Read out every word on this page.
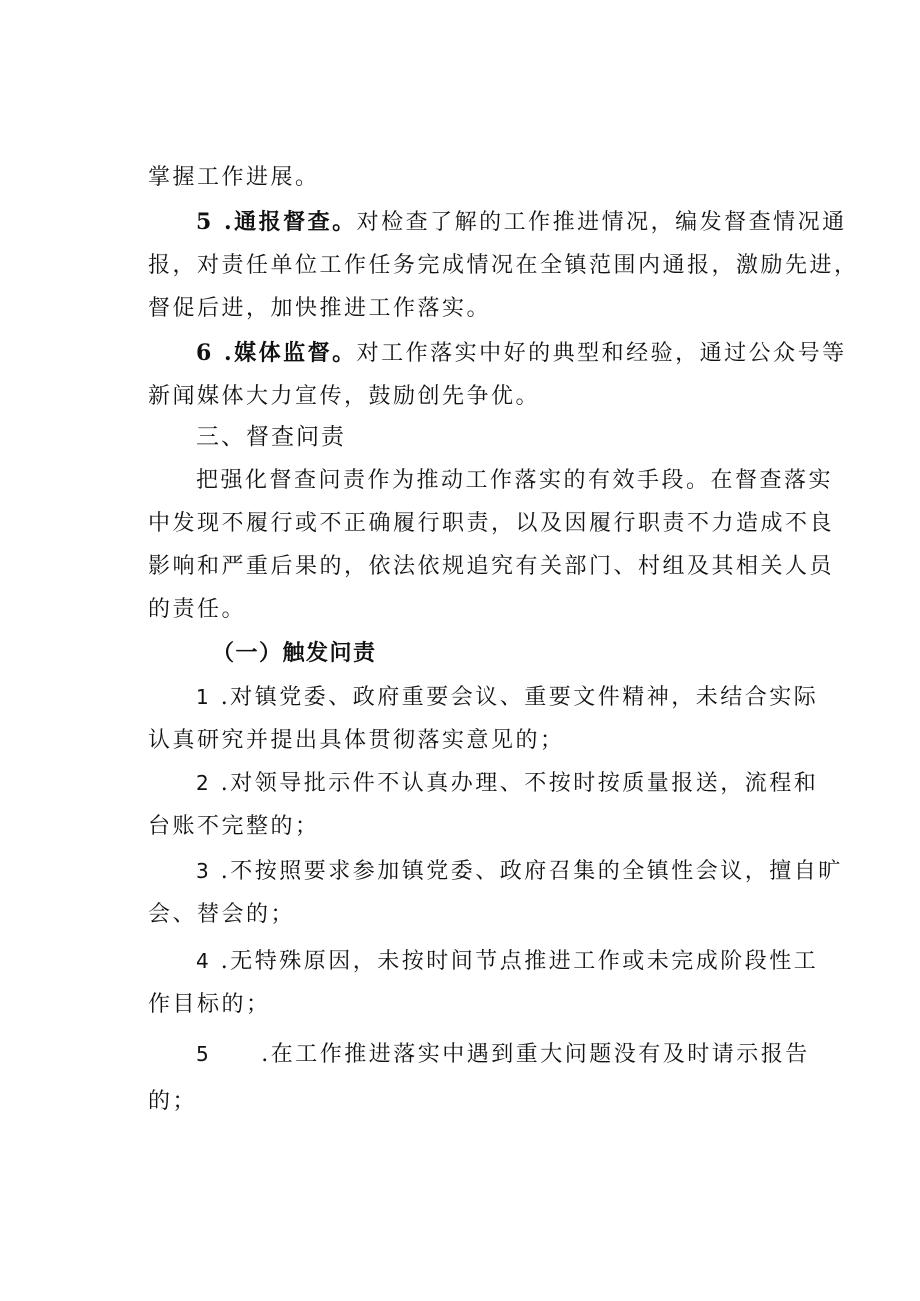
掌握工作进展。

5 .通报督查。对检查了解的工作推进情况，编发督查情况通
报，对责任单位工作任务完成情况在全镇范围内通报，激励先进，
督促后进，加快推进工作落实。

6 .媒体监督。对工作落实中好的典型和经验，通过公众号等
新闻媒体大力宣传，鼓励创先争优。

三、督查问责

把强化督查问责作为推动工作落实的有效手段。在督查落实
中发现不履行或不正确履行职责，以及因履行职责不力造成不良
影响和严重后果的，依法依规追究有关部门、村组及其相关人员
的责任。

（一）触发问责

1 .对镇党委、政府重要会议、重要文件精神，未结合实际
认真研究并提出具体贯彻落实意见的；

2 .对领导批示件不认真办理、不按时按质量报送，流程和
台账不完整的；

3 .不按照要求参加镇党委、政府召集的全镇性会议，擅自旷
会、替会的；

4 .无特殊原因，未按时间节点推进工作或未完成阶段性工
作目标的；

5 .在工作推进落实中遇到重大问题没有及时请示报告
的；
